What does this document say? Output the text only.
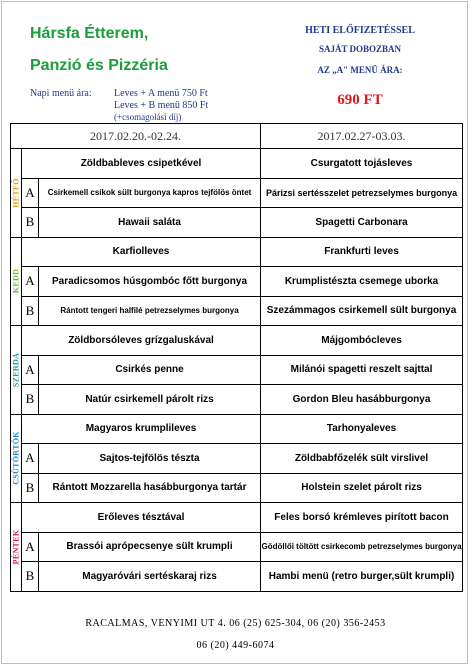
Hársfa Étterem,
Panzió és Pizzéria
Napi menü ára: Leves + A menü 750 Ft
Leves + B menü 850 Ft
(+csomagolási díj)
HETI ELŐFIZETÉSSEL
SAJÁT DOBOZBAN
AZ „A" MENÜ ÁRA:
690 FT
2017.02.20.-02.24.			2017.02.27-03.03.

HÉTFŐ	Zöldbableves csipetkével		Csurgatott tojásleves
	A	Csirkemell csíkok sült burgonya kapros tejfölös öntet	Párizsi sertésszelet petrezselymes burgonya
	B	Hawaii saláta	Spagetti Carbonara

KEDD	Karfiolleves		Frankfurti leves
	A	Paradicsomos húsgombóc főtt burgonya	Krumplistészta csemege uborka
	B	Rántott tengeri halfilé petrezselymes burgonya	Szezámmagos csirkemell sült burgonya

SZERDA	Zöldborsóleves grízgaluskával		Májgombócleves
	A	Csirkés penne	Milánói spagetti reszelt sajttal
	B	Natúr csirkemell párolt rizs	Gordon Bleu hasábburgonya

CSÜTÖRTÖK	Magyaros krumplileves		Tarhonyaleves
	A	Sajtos-tejfölös tészta	Zöldbabfőzelék sült virslivel
	B	Rántott Mozzarella hasábburgonya tartár	Holstein szelet párolt rizs

PÉNTEK	Erőleves tésztával		Feles borsó krémleves pirított bacon
	A	Brassói aprópecsenye sült krumpli	Gödöllői töltött csirkecomb petrezselymes burgonya
	B	Magyaróvári sertéskaraj rizs	Hambi menü (retro burger,sült krumpli)
RACALMAS, VENYIMI UT 4. 06 (25) 625-304, 06 (20) 356-2453
06 (20) 449-6074
